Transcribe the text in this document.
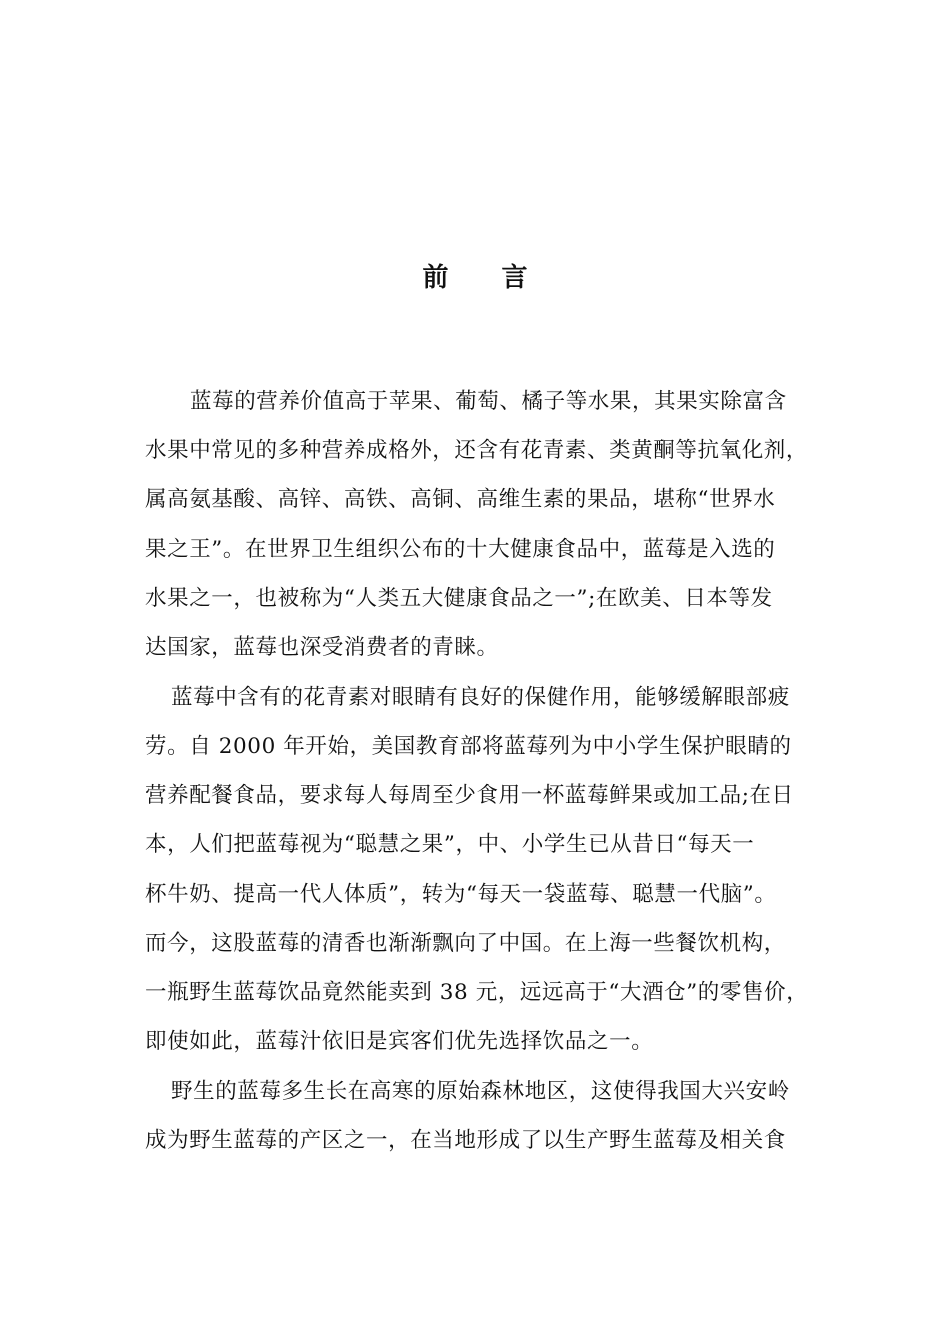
前 言
蓝莓的营养价值高于苹果、葡萄、橘子等水果，其果实除富含
水果中常见的多种营养成格外，还含有花青素、类黄酮等抗氧化剂，
属高氨基酸、高锌、高铁、高铜、高维生素的果品，堪称“世界水
果之王”。在世界卫生组织公布的十大健康食品中，蓝莓是入选的
水果之一，也被称为“人类五大健康食品之一”;在欧美、日本等发
达国家，蓝莓也深受消费者的青睐。
蓝莓中含有的花青素对眼睛有良好的保健作用，能够缓解眼部疲
劳。自 2000 年开始，美国教育部将蓝莓列为中小学生保护眼睛的
营养配餐食品，要求每人每周至少食用一杯蓝莓鲜果或加工品;在日
本，人们把蓝莓视为“聪慧之果”，中、小学生已从昔日“每天一
杯牛奶、提高一代人体质”，转为“每天一袋蓝莓、聪慧一代脑”。
而今，这股蓝莓的清香也渐渐飘向了中国。在上海一些餐饮机构，
一瓶野生蓝莓饮品竟然能卖到 38 元，远远高于“大酒仓”的零售价，
即使如此，蓝莓汁依旧是宾客们优先选择饮品之一。
野生的蓝莓多生长在高寒的原始森林地区，这使得我国大兴安岭
成为野生蓝莓的产区之一，在当地形成了以生产野生蓝莓及相关食
